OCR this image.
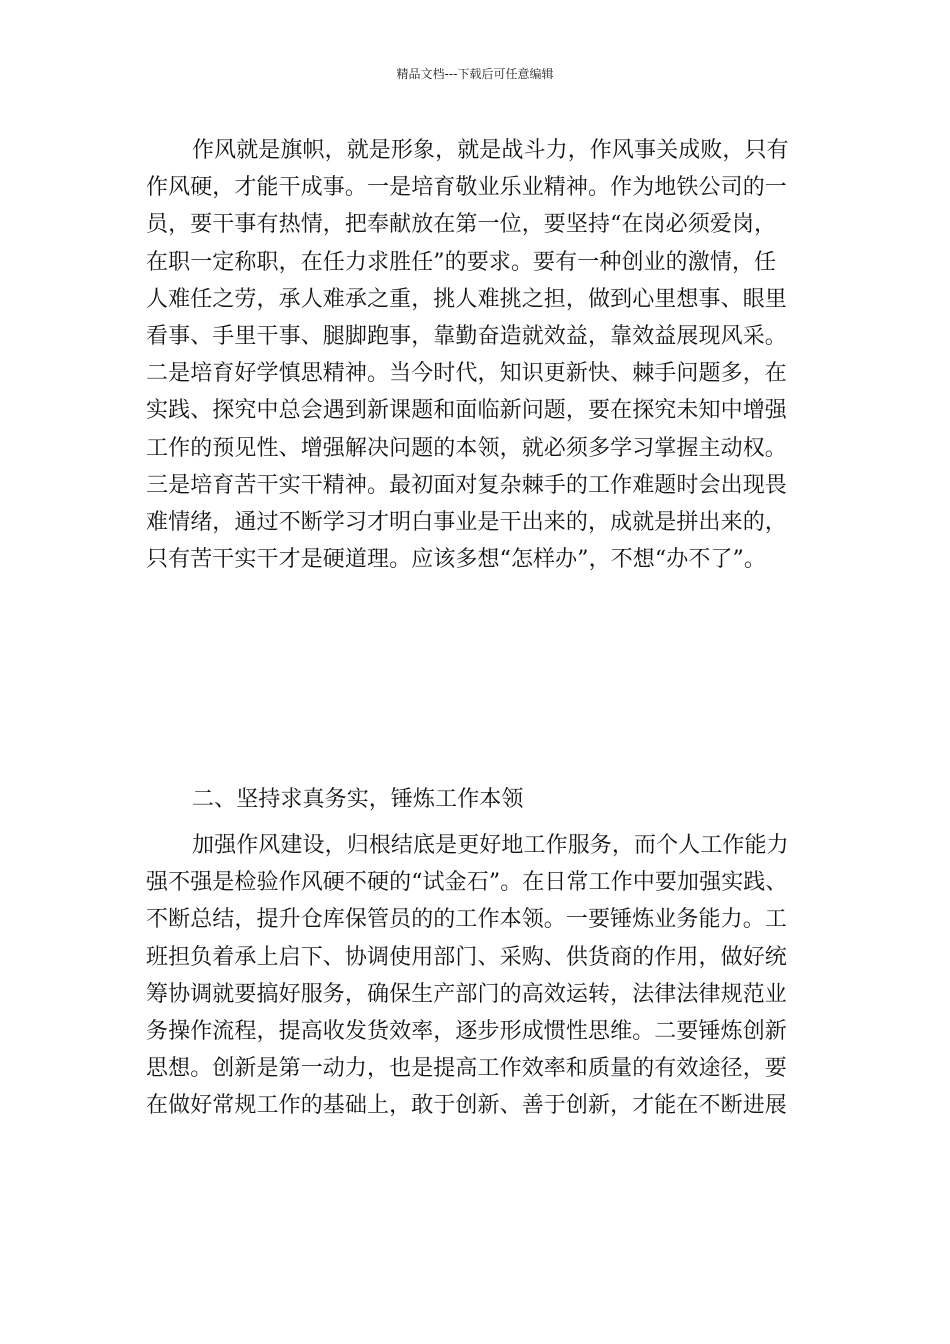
精品文档---下载后可任意编辑
作风就是旗帜，就是形象，就是战斗力，作风事关成败，只有
作风硬，才能干成事。一是培育敬业乐业精神。作为地铁公司的一
员，要干事有热情，把奉献放在第一位，要坚持“在岗必须爱岗，
在职一定称职，在任力求胜任”的要求。要有一种创业的激情，任
人难任之劳，承人难承之重，挑人难挑之担，做到心里想事、眼里
看事、手里干事、腿脚跑事，靠勤奋造就效益，靠效益展现风采。
二是培育好学慎思精神。当今时代，知识更新快、棘手问题多，在
实践、探究中总会遇到新课题和面临新问题，要在探究未知中增强
工作的预见性、增强解决问题的本领，就必须多学习掌握主动权。
三是培育苦干实干精神。最初面对复杂棘手的工作难题时会出现畏
难情绪，通过不断学习才明白事业是干出来的，成就是拼出来的，
只有苦干实干才是硬道理。应该多想“怎样办”，不想“办不了”。
二、坚持求真务实，锤炼工作本领
加强作风建设，归根结底是更好地工作服务，而个人工作能力
强不强是检验作风硬不硬的“试金石”。在日常工作中要加强实践、
不断总结，提升仓库保管员的的工作本领。一要锤炼业务能力。工
班担负着承上启下、协调使用部门、采购、供货商的作用，做好统
筹协调就要搞好服务，确保生产部门的高效运转，法律法律规范业
务操作流程，提高收发货效率，逐步形成惯性思维。二要锤炼创新
思想。创新是第一动力，也是提高工作效率和质量的有效途径，要
在做好常规工作的基础上，敢于创新、善于创新，才能在不断进展
